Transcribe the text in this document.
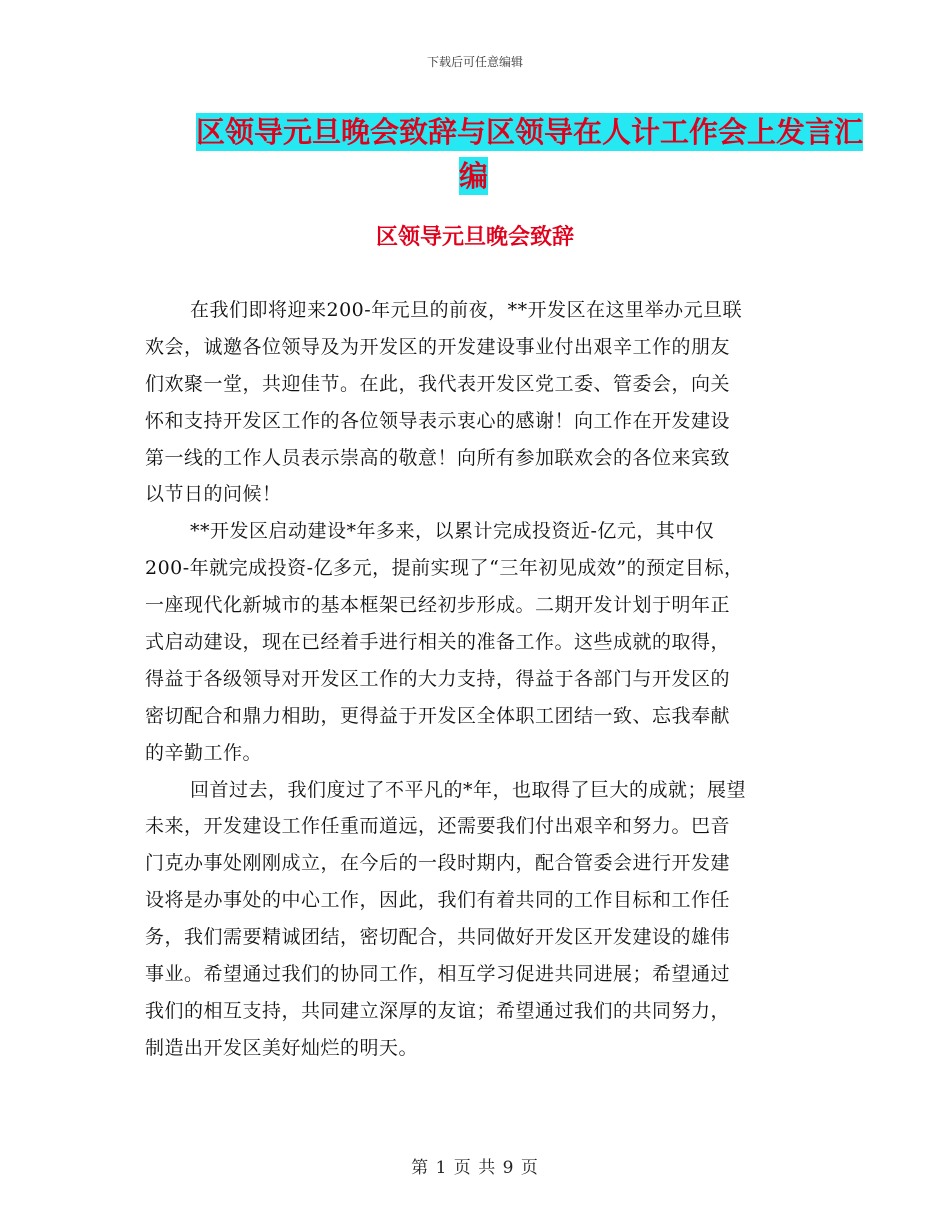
下载后可任意编辑
区领导元旦晚会致辞与区领导在人计工作会上发言汇
编
区领导元旦晚会致辞
在我们即将迎来200-年元旦的前夜，**开发区在这里举办元旦联
欢会，诚邀各位领导及为开发区的开发建设事业付出艰辛工作的朋友
们欢聚一堂，共迎佳节。在此，我代表开发区党工委、管委会，向关
怀和支持开发区工作的各位领导表示衷心的感谢！向工作在开发建设
第一线的工作人员表示崇高的敬意！向所有参加联欢会的各位来宾致
以节日的问候！
**开发区启动建设*年多来，以累计完成投资近-亿元，其中仅
200-年就完成投资-亿多元，提前实现了“三年初见成效”的预定目标，
一座现代化新城市的基本框架已经初步形成。二期开发计划于明年正
式启动建设，现在已经着手进行相关的准备工作。这些成就的取得，
得益于各级领导对开发区工作的大力支持，得益于各部门与开发区的
密切配合和鼎力相助，更得益于开发区全体职工团结一致、忘我奉献
的辛勤工作。
回首过去，我们度过了不平凡的*年，也取得了巨大的成就；展望
未来，开发建设工作任重而道远，还需要我们付出艰辛和努力。巴音
门克办事处刚刚成立，在今后的一段时期内，配合管委会进行开发建
设将是办事处的中心工作，因此，我们有着共同的工作目标和工作任
务，我们需要精诚团结，密切配合，共同做好开发区开发建设的雄伟
事业。希望通过我们的协同工作，相互学习促进共同进展；希望通过
我们的相互支持，共同建立深厚的友谊；希望通过我们的共同努力，
制造出开发区美好灿烂的明天。
第 1 页 共 9 页
